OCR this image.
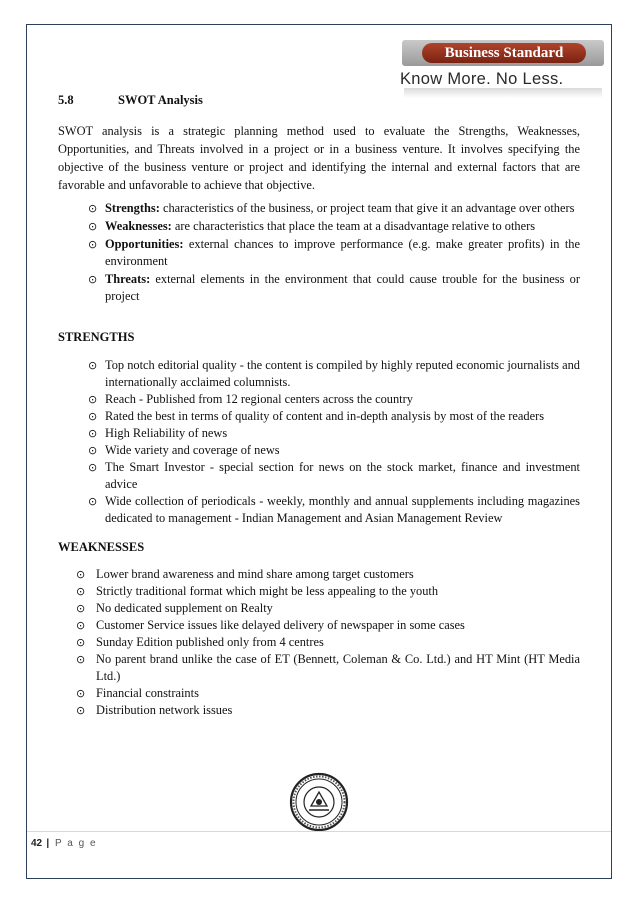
Business Standard
Know More. No Less.
5.8	SWOT Analysis
SWOT analysis is a strategic planning method used to evaluate the Strengths, Weaknesses, Opportunities, and Threats involved in a project or in a business venture. It involves specifying the objective of the business venture or project and identifying the internal and external factors that are favorable and unfavorable to achieve that objective.
⊙ Strengths: characteristics of the business, or project team that give it an advantage over others
⊙ Weaknesses: are characteristics that place the team at a disadvantage relative to others
⊙ Opportunities: external chances to improve performance (e.g. make greater profits) in the environment
⊙ Threats: external elements in the environment that could cause trouble for the business or project
STRENGTHS
⊙ Top notch editorial quality - the content is compiled by highly reputed economic journalists and internationally acclaimed columnists.
⊙ Reach - Published from 12 regional centers across the country
⊙ Rated the best in terms of quality of content and in-depth analysis by most of the readers
⊙ High Reliability of news
⊙ Wide variety and coverage of news
⊙ The Smart Investor - special section for news on the stock market, finance and investment advice
⊙ Wide collection of periodicals - weekly, monthly and annual supplements including magazines dedicated to management - Indian Management and Asian Management Review
WEAKNESSES
⊙ Lower brand awareness and mind share among target customers
⊙ Strictly traditional format which might be less appealing to the youth
⊙ No dedicated supplement on Realty
⊙ Customer Service issues like delayed delivery of newspaper in some cases
⊙ Sunday Edition published only from 4 centres
⊙ No parent brand unlike the case of ET (Bennett, Coleman & Co. Ltd.) and HT Mint (HT Media Ltd.)
⊙ Financial constraints
⊙ Distribution network issues
42 | P a g e
